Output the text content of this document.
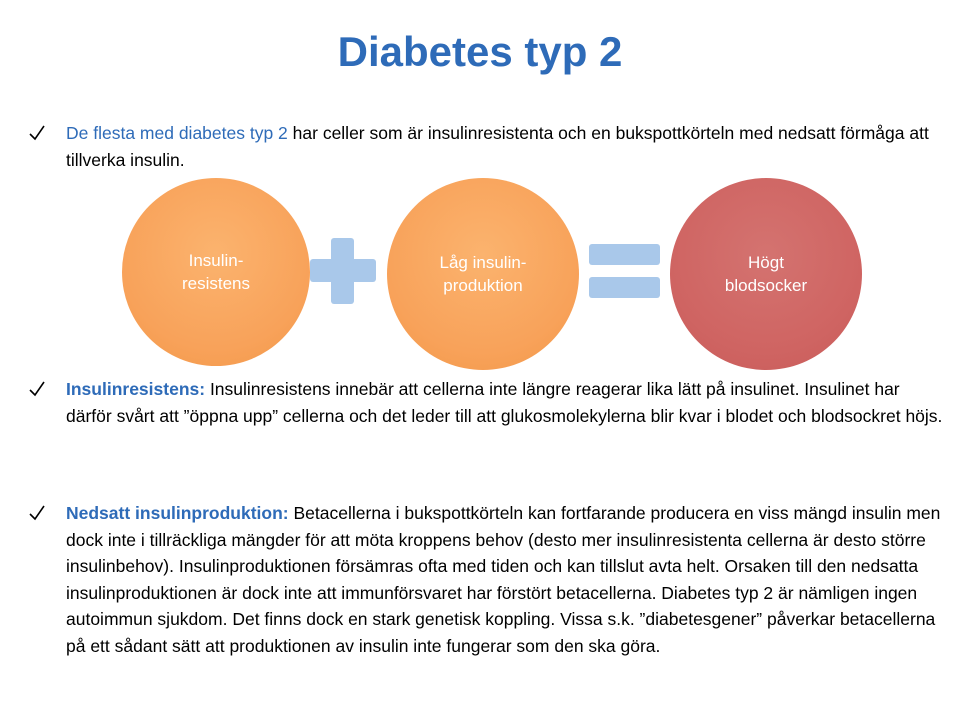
Diabetes typ 2
De flesta med diabetes typ 2 har celler som är insulinresistenta och en bukspottkörteln med nedsatt förmåga att tillverka insulin.
Insulin-
resistens
Låg insulin-
produktion
Högt
blodsocker
Insulinresistens: Insulinresistens innebär att cellerna inte längre reagerar lika lätt på insulinet. Insulinet har därför svårt att ”öppna upp” cellerna och det leder till att glukosmolekylerna blir kvar i blodet och blodsockret höjs.
Nedsatt insulinproduktion: Betacellerna i bukspottkörteln kan fortfarande producera en viss mängd insulin men dock inte i tillräckliga mängder för att möta kroppens behov (desto mer insulinresistenta cellerna är desto större insulinbehov). Insulinproduktionen försämras ofta med tiden och kan tillslut avta helt. Orsaken till den nedsatta insulinproduktionen är dock inte att immunförsvaret har förstört betacellerna. Diabetes typ 2 är nämligen ingen autoimmun sjukdom. Det finns dock en stark genetisk koppling. Vissa s.k. ”diabetesgener” påverkar betacellerna på ett sådant sätt att produktionen av insulin inte fungerar som den ska göra.
